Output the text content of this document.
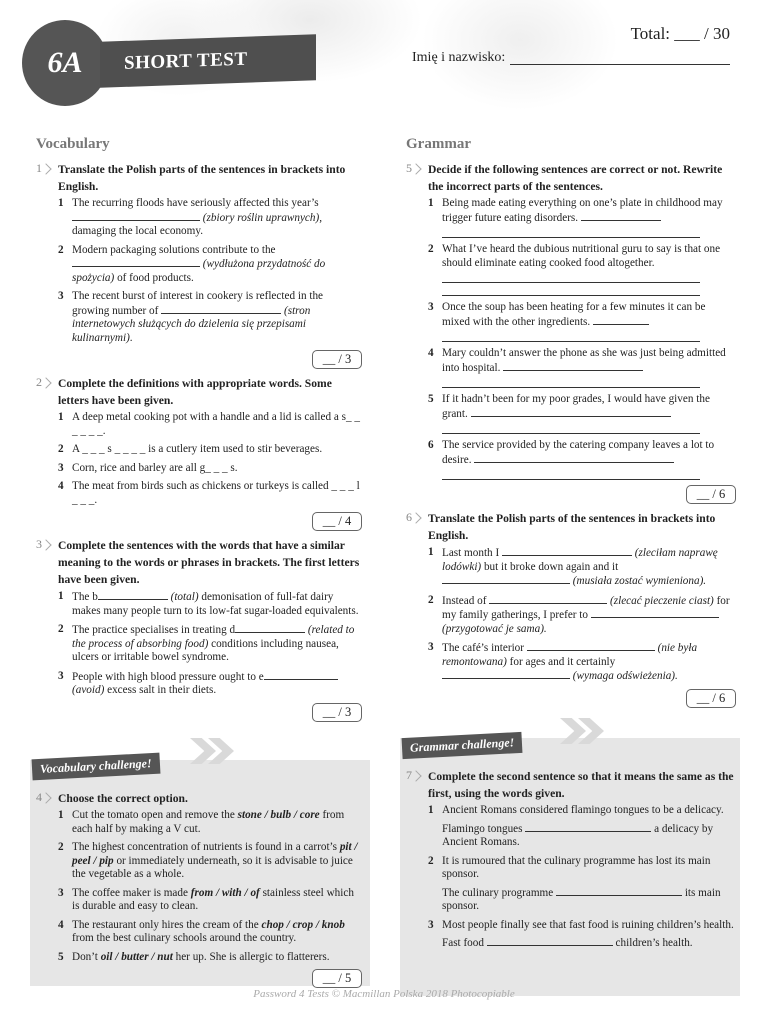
6A SHORT TEST
Total: ___ / 30
Imię i nazwisko:
Vocabulary
1	Translate the Polish parts of the sentences in brackets into English.
1 The recurring floods have seriously affected this year’s  (zbiory roślin uprawnych), damaging the local economy.
2 Modern packaging solutions contribute to the  (wydłużona przydatność do spożycia) of food products.
3 The recent burst of interest in cookery is reflected in the growing number of	(stron internetowych służących do dzielenia się przepisami kulinarnymi).
__ / 3
2	Complete the definitions with appropriate words. Some letters have been given.
1 A deep metal cooking pot with a handle and a lid is called a s_ _ _ _ _ _.
2 A _ _ _ s _ _ _ _ is a cutlery item used to stir beverages.
3 Corn, rice and barley are all g_ _ _ s.
4 The meat from birds such as chickens or turkeys is called _ _ _ l _ _ _.
__ / 4
3	Complete the sentences with the words that have a similar meaning to the words or phrases in brackets. The first letters have been given.
1 The b	(total) demonisation of full-fat dairy makes many people turn to its low-fat sugar-loaded equivalents.
2 The practice specialises in treating d	(related to the process of absorbing food) conditions including nausea, ulcers or irritable bowel syndrome.
3 People with high blood pressure ought to e (avoid) excess salt in their diets.
__ / 3
Vocabulary challenge!
4	Choose the correct option.
1 Cut the tomato open and remove the stone / bulb / core from each half by making a V cut.
2 The highest concentration of nutrients is found in a carrot’s pit / peel / pip or immediately underneath, so it is advisable to juice the vegetable as a whole.
3 The coffee maker is made from / with / of stainless steel which is durable and easy to clean.
4 The restaurant only hires the cream of the chop / crop / knob from the best culinary schools around the country.
5 Don’t oil / butter / nut her up. She is allergic to flatterers.
__ / 5
Grammar
5	Decide if the following sentences are correct or not. Rewrite the incorrect parts of the sentences.
1 Being made eating everything on one’s plate in childhood may trigger future eating disorders.
2 What I’ve heard the dubious nutritional guru to say is that one should eliminate eating cooked food altogether.
3 Once the soup has been heating for a few minutes it can be mixed with the other ingredients.
4 Mary couldn’t answer the phone as she was just being admitted into hospital.
5 If it hadn’t been for my poor grades, I would have given the grant.
6 The service provided by the catering company leaves a lot to desire.
__ / 6
6	Translate the Polish parts of the sentences in brackets into English.
1 Last month I	(zleciłam naprawę lodówki) but it broke down again and it  (musiała zostać wymieniona).
2 Instead of	(zlecać pieczenie ciast) for my family gatherings, I prefer to  (przygotować je sama).
3 The café’s interior	(nie była remontowana) for ages and it certainly  (wymaga odświeżenia).
__ / 6
Grammar challenge!
7	Complete the second sentence so that it means the same as the first, using the words given.
1 Ancient Romans considered flamingo tongues to be a delicacy.
Flamingo tongues	a delicacy by Ancient Romans.
2 It is rumoured that the culinary programme has lost its main sponsor.
The culinary programme	its main sponsor.
3 Most people finally see that fast food is ruining children’s health.
Fast food	children’s health.
Password 4 Tests © Macmillan Polska 2018 Photocopiable
